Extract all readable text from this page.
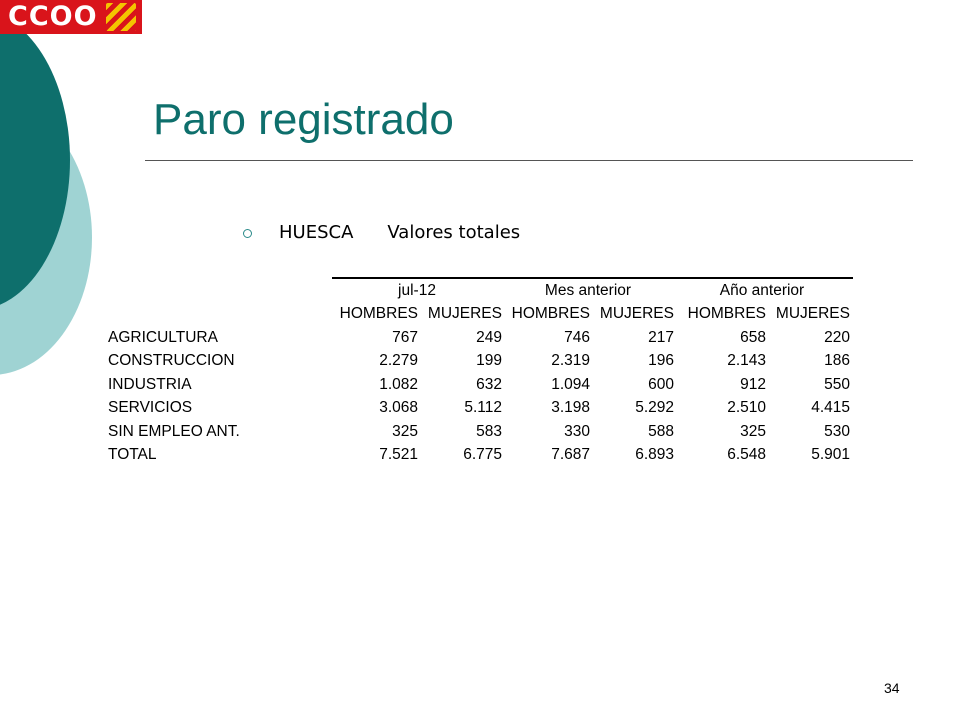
CCOO
Paro registrado
HUESCA Valores totales
	jul-12		Mes anterior		Año anterior	
	HOMBRES	MUJERES	HOMBRES	MUJERES	HOMBRES	MUJERES
AGRICULTURA	767	249	746	217	658	220
CONSTRUCCION	2.279	199	2.319	196	2.143	186
INDUSTRIA	1.082	632	1.094	600	912	550
SERVICIOS	3.068	5.112	3.198	5.292	2.510	4.415
SIN EMPLEO ANT.	325	583	330	588	325	530
TOTAL	7.521	6.775	7.687	6.893	6.548	5.901
34
